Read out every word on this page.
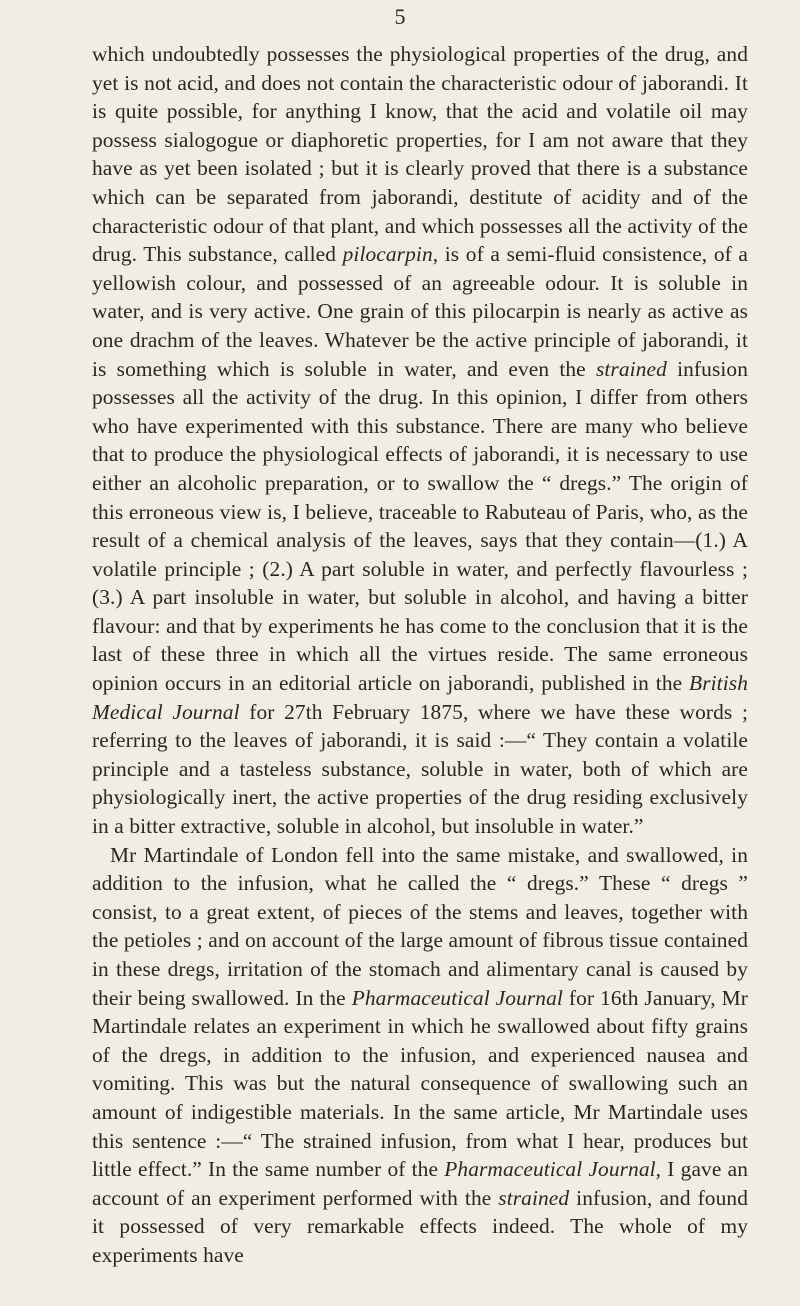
5

which undoubtedly possesses the physiological properties of the drug, and yet is not acid, and does not contain the characteristic odour of jaborandi. It is quite possible, for anything I know, that the acid and volatile oil may possess sialogogue or diaphoretic properties, for I am not aware that they have as yet been isolated ; but it is clearly proved that there is a substance which can be separated from jaborandi, destitute of acidity and of the characteristic odour of that plant, and which possesses all the activity of the drug. This substance, called pilocarpin, is of a semi-fluid consistence, of a yellowish colour, and possessed of an agreeable odour. It is soluble in water, and is very active. One grain of this pilocarpin is nearly as active as one drachm of the leaves. Whatever be the active principle of jaborandi, it is something which is soluble in water, and even the strained infusion possesses all the activity of the drug. In this opinion, I differ from others who have experimented with this substance. There are many who believe that to produce the physiological effects of jaborandi, it is necessary to use either an alcoholic preparation, or to swallow the “ dregs.” The origin of this erroneous view is, I believe, traceable to Rabuteau of Paris, who, as the result of a chemical analysis of the leaves, says that they contain—(1.) A volatile principle ; (2.) A part soluble in water, and perfectly flavourless ; (3.) A part insoluble in water, but soluble in alcohol, and having a bitter flavour: and that by experiments he has come to the conclusion that it is the last of these three in which all the virtues reside. The same erroneous opinion occurs in an editorial article on jaborandi, published in the British Medical Journal for 27th February 1875, where we have these words ; referring to the leaves of jaborandi, it is said :—“ They contain a volatile principle and a tasteless substance, soluble in water, both of which are physiologically inert, the active properties of the drug residing exclusively in a bitter extractive, soluble in alcohol, but insoluble in water.”

Mr Martindale of London fell into the same mistake, and swallowed, in addition to the infusion, what he called the “ dregs.” These “ dregs ” consist, to a great extent, of pieces of the stems and leaves, together with the petioles ; and on account of the large amount of fibrous tissue contained in these dregs, irritation of the stomach and alimentary canal is caused by their being swallowed. In the Pharmaceutical Journal for 16th January, Mr Martindale relates an experiment in which he swallowed about fifty grains of the dregs, in addition to the infusion, and experienced nausea and vomiting. This was but the natural consequence of swallowing such an amount of indigestible materials. In the same article, Mr Martindale uses this sentence :—“ The strained infusion, from what I hear, produces but little effect.” In the same number of the Pharmaceutical Journal, I gave an account of an experiment performed with the strained infusion, and found it possessed of very remarkable effects indeed. The whole of my experiments have
